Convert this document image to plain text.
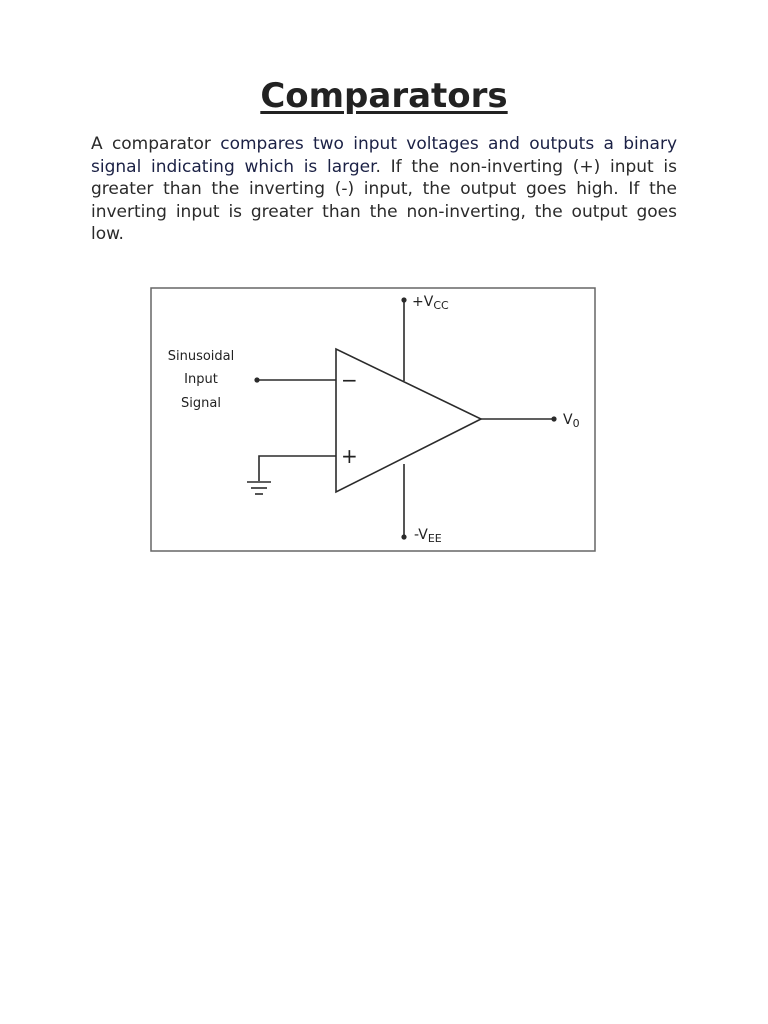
Comparators

A comparator compares two input voltages and outputs a binary signal indicating which is larger. If the non-inverting (+) input is greater than the inverting (-) input, the output goes high. If the inverting input is greater than the non-inverting, the output goes low.

−
+
Sinusoidal
Input
Signal
$+V_{CC}$
$-V_{EE}$
$V_0$
